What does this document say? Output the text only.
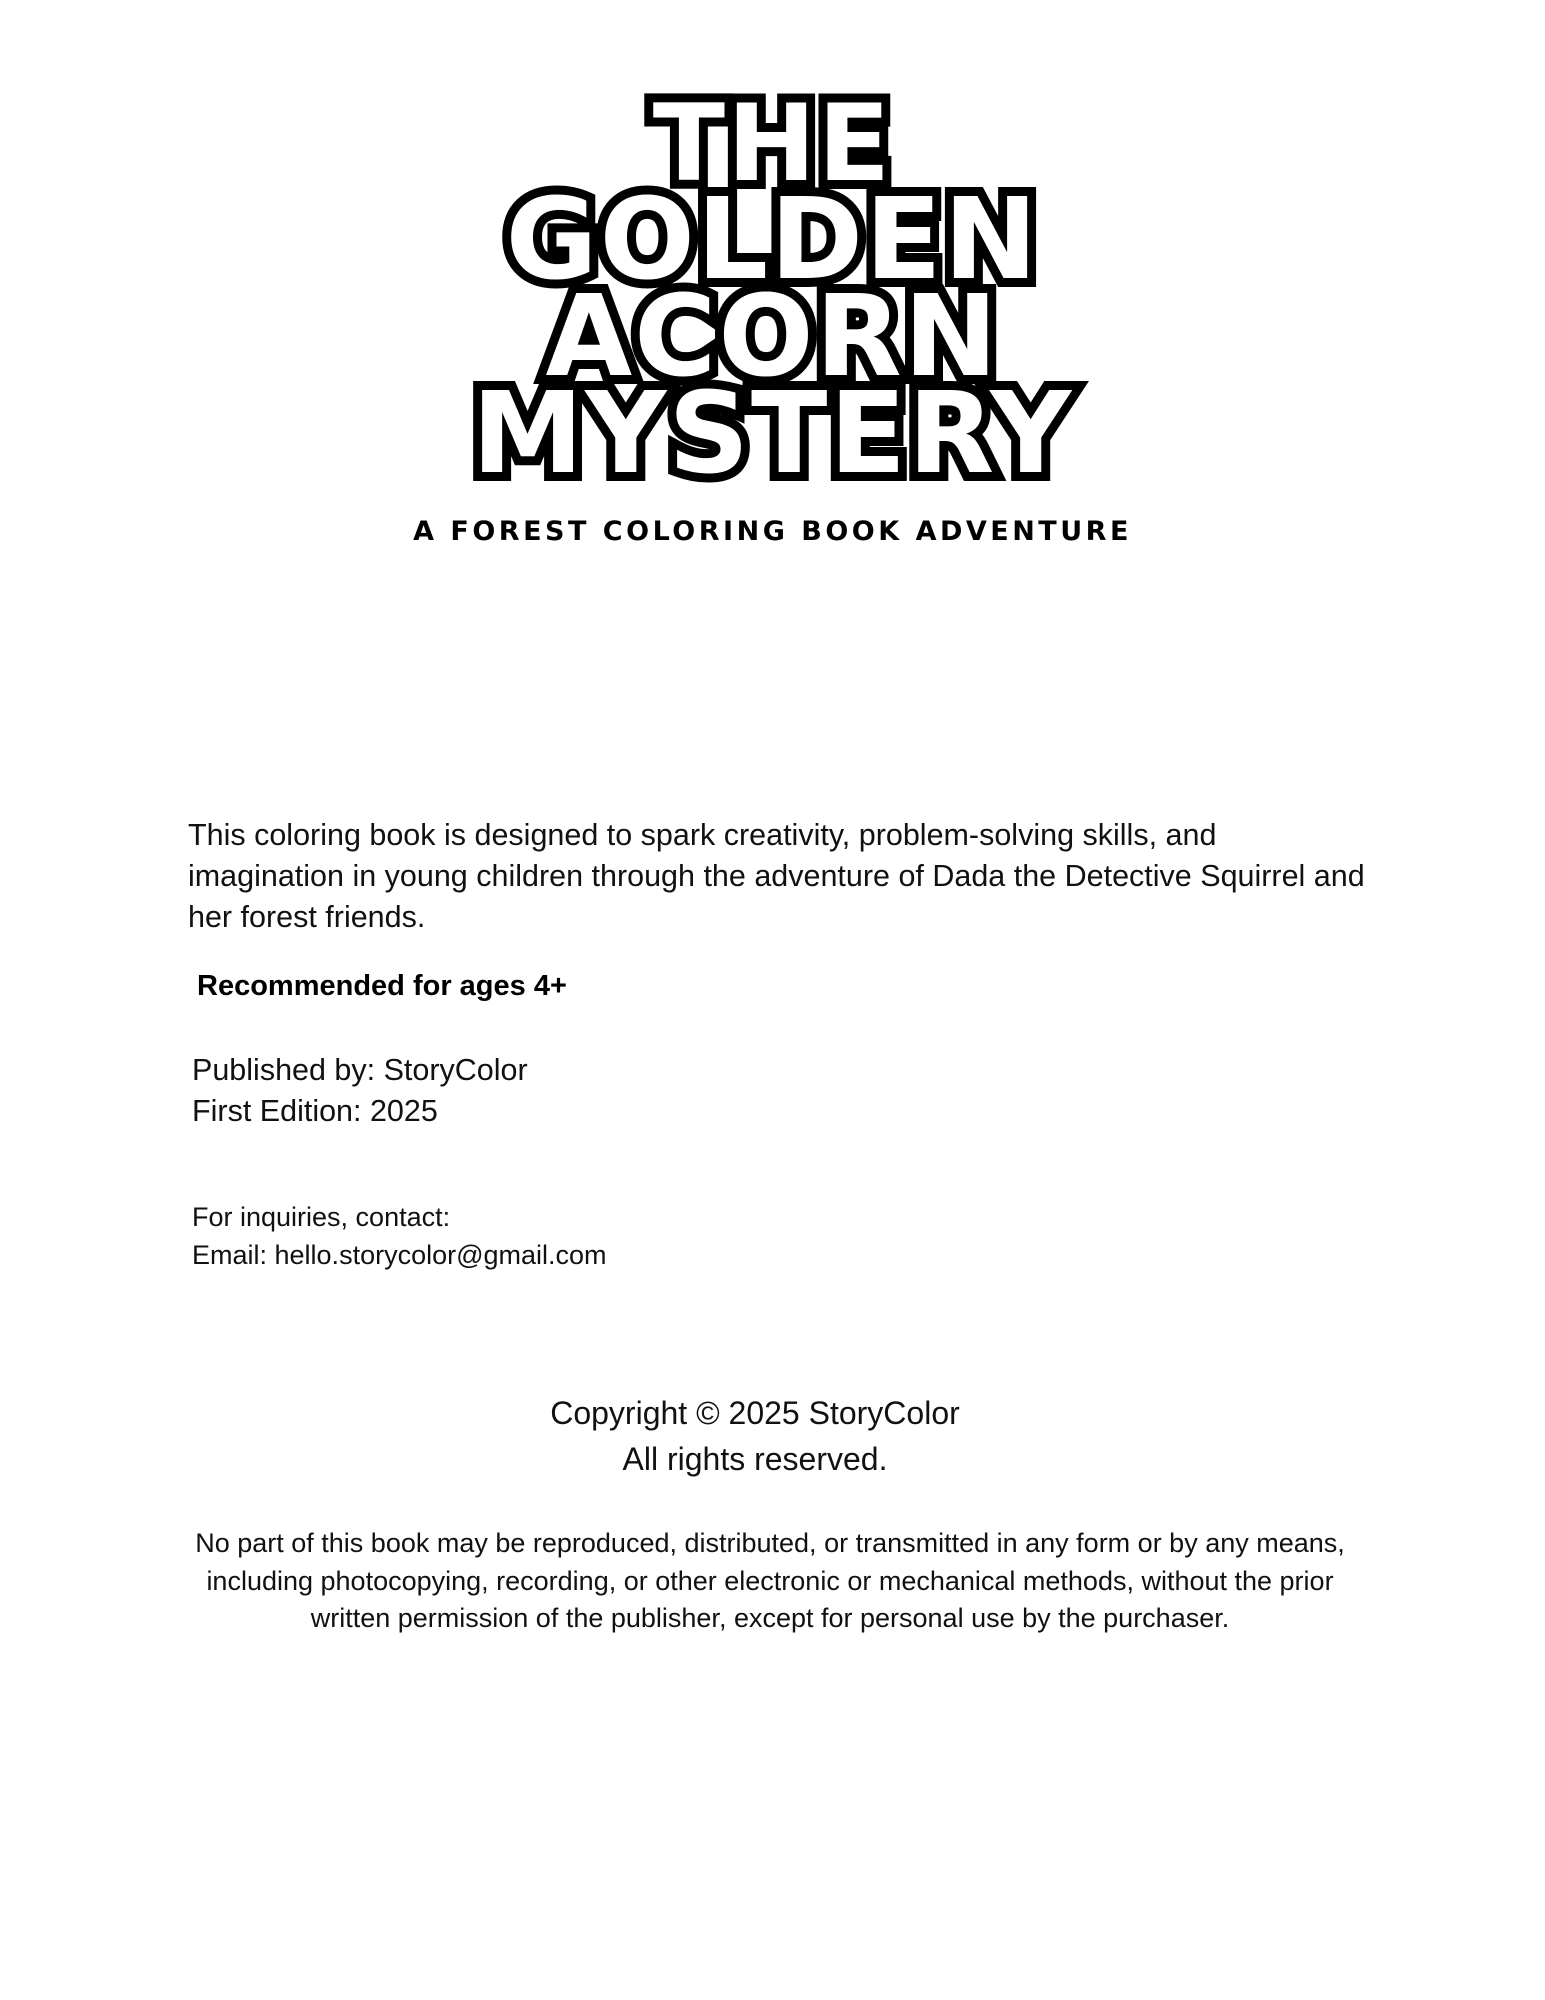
THE
GOLDEN
ACORN
MYSTERY
A FOREST COLORING BOOK ADVENTURE

This coloring book is designed to spark creativity, problem-solving skills, and imagination in young children through the adventure of Dada the Detective Squirrel and her forest friends.

Recommended for ages 4+
Published by: StoryColor
First Edition: 2025
For inquiries, contact:
Email: hello.storycolor@gmail.com
Copyright © 2025 StoryColor
All rights reserved.

No part of this book may be reproduced, distributed, or transmitted in any form or by any means, including photocopying, recording, or other electronic or mechanical methods, without the prior written permission of the publisher, except for personal use by the purchaser.
